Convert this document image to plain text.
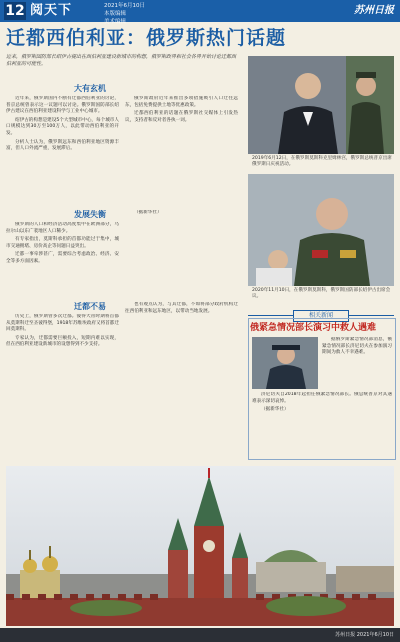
12 阅天下	2021年6月10日
本版编辑
美术编辑
苏州日报
迁都西伯利亚：俄罗斯热门话题
近来，俄罗斯国防部长绍伊古提出在西伯利亚建设新城市的构想，俄罗斯政界和社会各界开始讨论迁都西伯利亚的可能性。
大有玄机

近年来，俄罗斯国内不断有迁都西伯利亚的讨论，普京总统曾表示这一议题可以讨论。俄罗斯国防部长绍伊古建议在西伯利亚建设科学与工业中心城市。

绍伊古的构想是建设5个大型城市中心，每个城市人口规模达到30万至100万人，以此带动西伯利亚的开发。

分析人士认为，俄罗斯远东和西伯利亚地区资源丰富，但人口外流严重，发展滞后。

俄罗斯政府近年来推出多项措施吸引人口迁往远东，包括免费提供土地等优惠政策。

迁都西伯利亚的话题在俄罗斯社交媒体上引发热议，支持者和反对者各执一词。

发展失衡

俄罗斯的人口和经济活动高度集中在欧洲部分，乌拉尔山以东广袤地区人口稀少。

有专家指出，莫斯科承担的首都功能过于集中，城市交通拥堵、房价高企等问题日益突出。

迁都一事牵涉甚广，需要综合考虑政治、经济、安全等多方面因素。

（据新华社）

迁都不易

历史上，俄罗斯曾多次迁都。彼得大帝时期将首都从莫斯科迁至圣彼得堡，1918年苏维埃政府又将首都迁回莫斯科。

专家认为，迁都需要巨额投入，短期内难以实现，但在西伯利亚建设新城市的设想得到不少支持。

也有观点认为，与其迁都，不如将部分政府机构迁往西伯利亚和远东地区，以带动当地发展。

2019年6月12日，在俄罗斯莫斯科克里姆林宫，俄罗斯总统普京出席俄罗斯日庆祝活动。
2020年11月10日，在俄罗斯莫斯科，俄罗斯国防部长绍伊古出席会议。
相关新闻
俄紧急情况部长演习中救人遇难

据俄罗斯紧急情况部消息，俄紧急情况部长济尼切夫在参加演习期间为救人不幸遇难。

济尼切夫自2018年起担任俄紧急情况部长。俄总统普京对其遇难表示深切哀悼。

（据新华社）

苏州日报 2021年6月10日
